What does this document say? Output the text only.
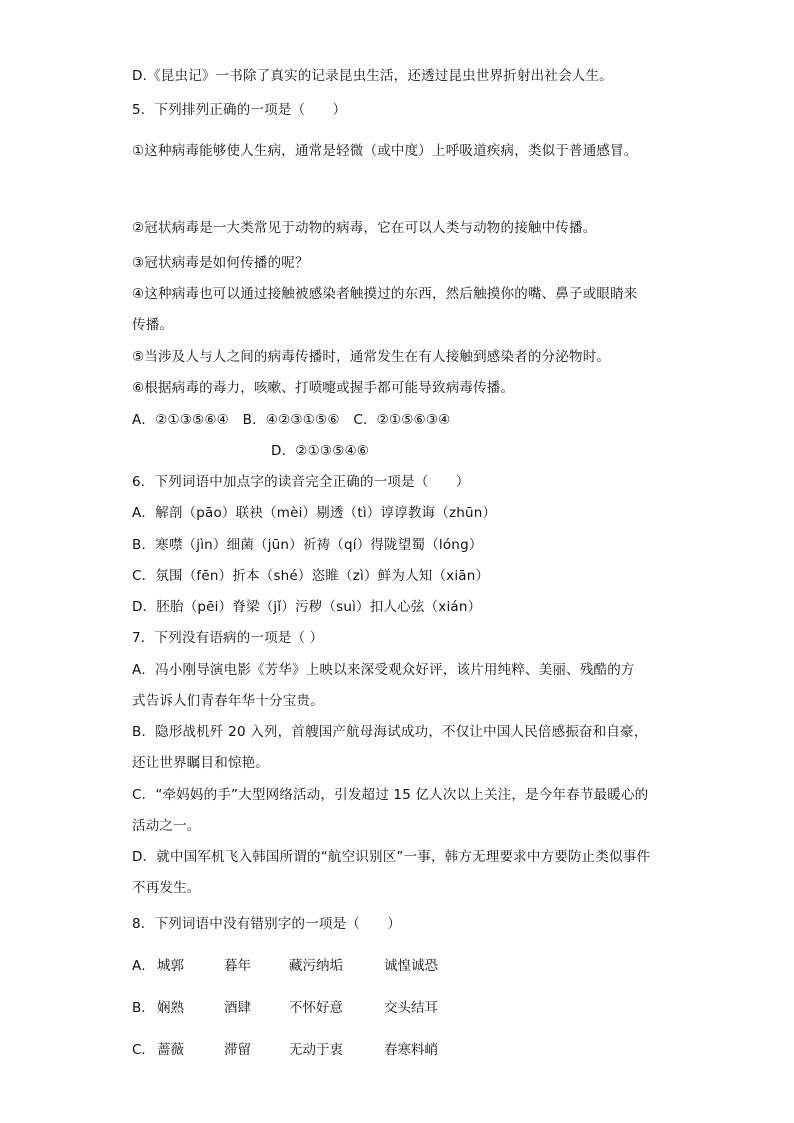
D.《昆虫记》一书除了真实的记录昆虫生活，还透过昆虫世界折射出社会人生。
5．下列排列正确的一项是（　　）
①这种病毒能够使人生病，通常是轻微（或中度）上呼吸道疾病，类似于普通感冒。
②冠状病毒是一大类常见于动物的病毒，它在可以人类与动物的接触中传播。
③冠状病毒是如何传播的呢？
④这种病毒也可以通过接触被感染者触摸过的东西，然后触摸你的嘴、鼻子或眼睛来
传播。
⑤当涉及人与人之间的病毒传播时，通常发生在有人接触到感染者的分泌物时。
⑥根据病毒的毒力，咳嗽、打喷嚏或握手都可能导致病毒传播。
A．②①③⑤⑥④　B．④②③①⑤⑥　C．②①⑤⑥③④
D．②①③⑤④⑥
6．下列词语中加点字的读音完全正确的一项是（　　）
A．解剖（pāo）联袂（mèi）剔透（tì）谆谆教诲（zhūn）
B．寒噤（jìn）细菌（jūn）祈祷（qí）得陇望蜀（lóng）
C．氛围（fēn）折本（shé）恣睢（zì）鲜为人知（xiān）
D．胚胎（pēi）脊梁（jǐ）污秽（suì）扣人心弦（xián）
7．下列没有语病的一项是（ ）
A．冯小刚导演电影《芳华》上映以来深受观众好评，该片用纯粹、美丽、残酷的方
式告诉人们青春年华十分宝贵。
B．隐形战机歼 20 入列，首艘国产航母海试成功，不仅让中国人民倍感振奋和自豪，
还让世界瞩目和惊艳。
C．“牵妈妈的手”大型网络活动，引发超过 15 亿人次以上关注，是今年春节最暖心的
活动之一。
D．就中国军机飞入韩国所谓的“航空识别区”一事，韩方无理要求中方要防止类似事件
不再发生。
8．下列词语中没有错别字的一项是（　　）
A． 城郭	暮年	藏污纳垢	诚惶诚恐
B． 娴熟	酒肆	不怀好意	交头结耳
C． 蔷薇	滞留	无动于衷	春寒料峭
